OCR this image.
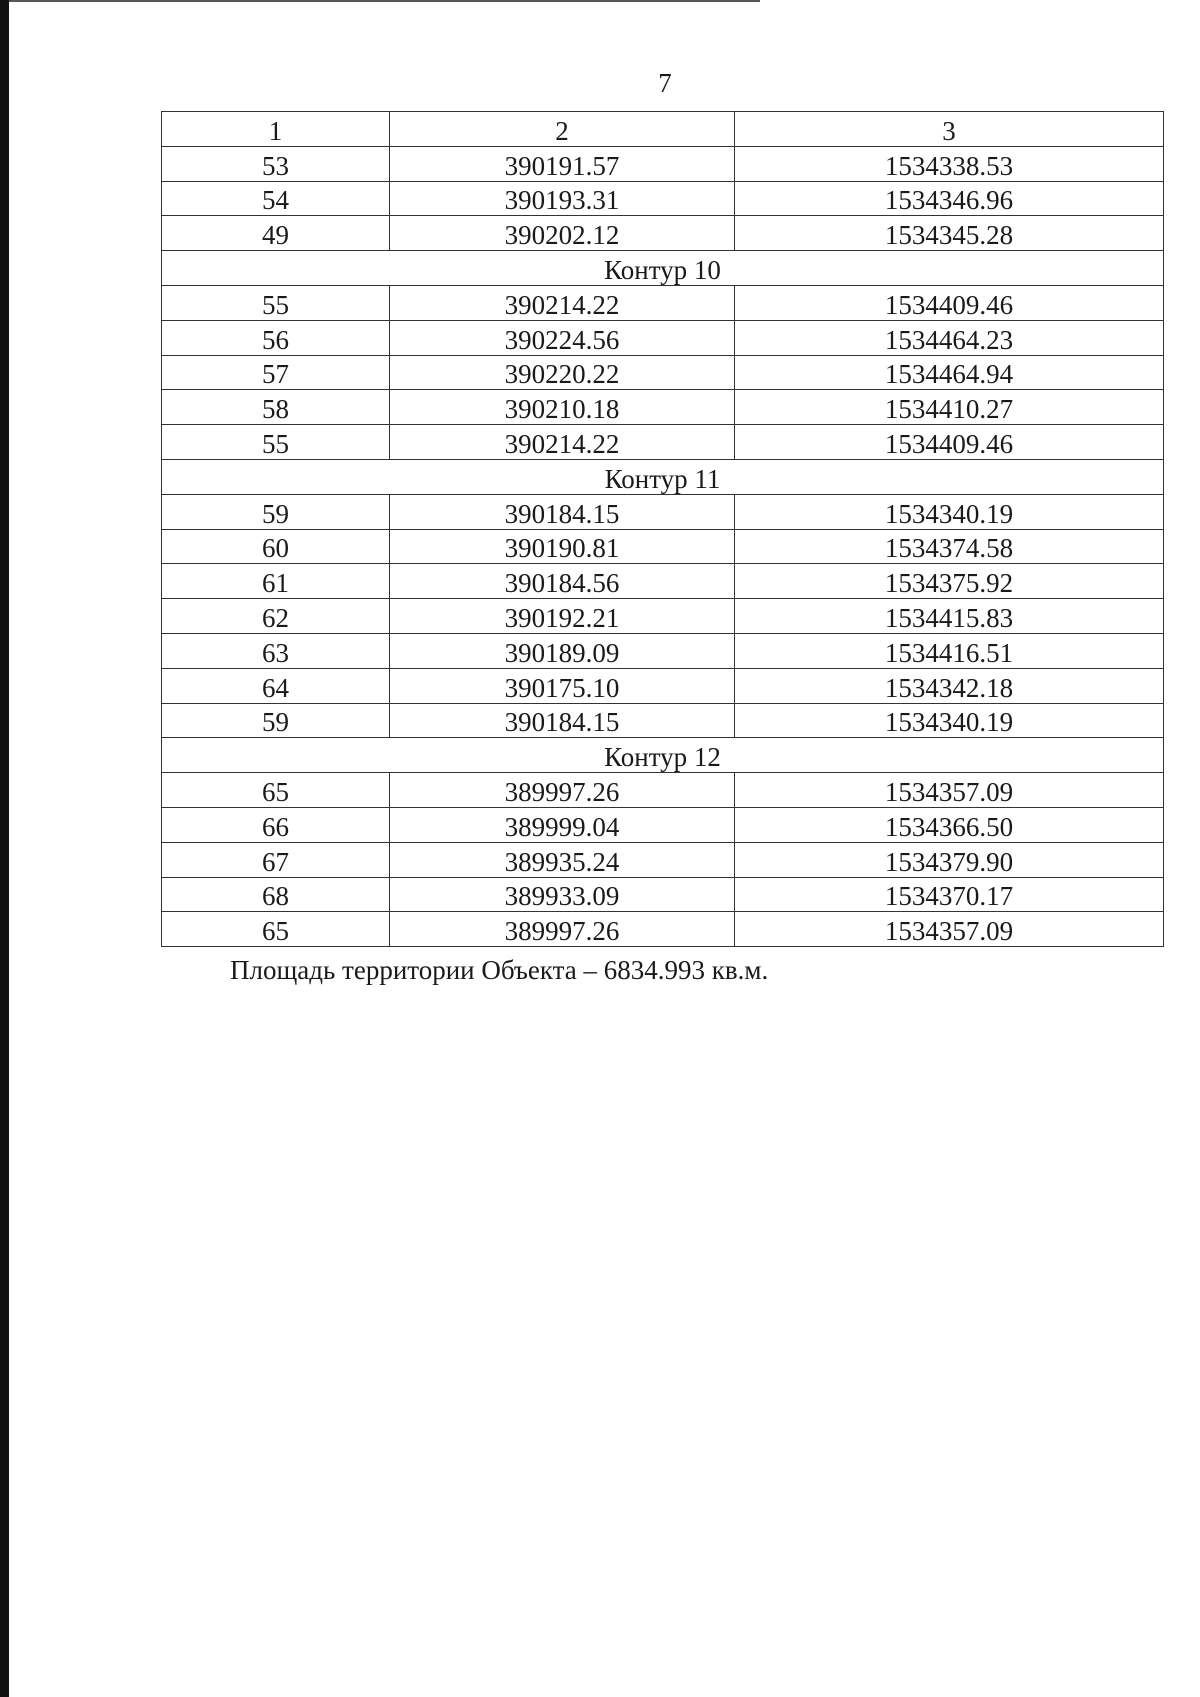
7
1	2	3
53	390191.57	1534338.53
54	390193.31	1534346.96
49	390202.12	1534345.28
Контур 10		
55	390214.22	1534409.46
56	390224.56	1534464.23
57	390220.22	1534464.94
58	390210.18	1534410.27
55	390214.22	1534409.46
Контур 11		
59	390184.15	1534340.19
60	390190.81	1534374.58
61	390184.56	1534375.92
62	390192.21	1534415.83
63	390189.09	1534416.51
64	390175.10	1534342.18
59	390184.15	1534340.19
Контур 12		
65	389997.26	1534357.09
66	389999.04	1534366.50
67	389935.24	1534379.90
68	389933.09	1534370.17
65	389997.26	1534357.09
Площадь территории Объекта – 6834.993 кв.м.
